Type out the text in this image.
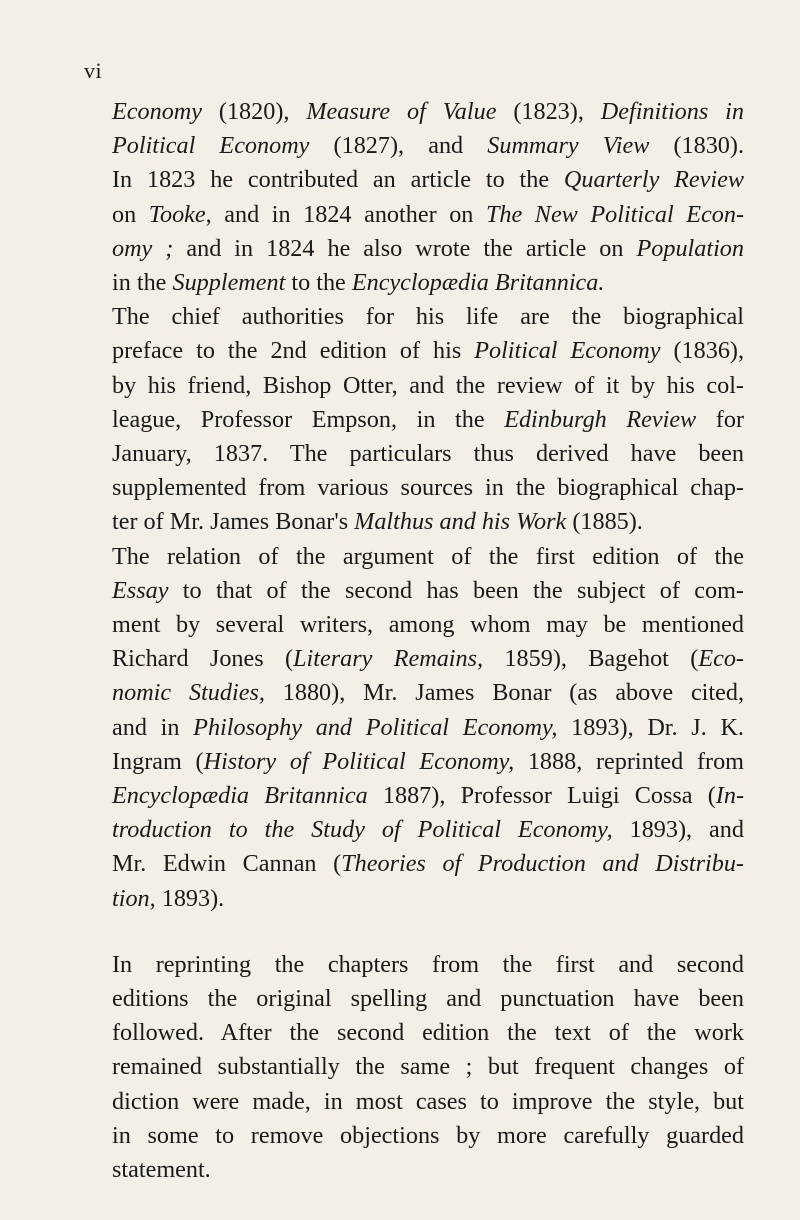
vi
Economy (1820), Measure of Value (1823), Definitions in
Political Economy (1827), and Summary View (1830).
In 1823 he contributed an article to the Quarterly Review
on Tooke, and in 1824 another on The New Political Econ-
omy ; and in 1824 he also wrote the article on Population
in the Supplement to the Encyclopædia Britannica.
The chief authorities for his life are the biographical
preface to the 2nd edition of his Political Economy (1836),
by his friend, Bishop Otter, and the review of it by his col-
league, Professor Empson, in the Edinburgh Review for
January, 1837. The particulars thus derived have been
supplemented from various sources in the biographical chap-
ter of Mr. James Bonar's Malthus and his Work (1885).
The relation of the argument of the first edition of the
Essay to that of the second has been the subject of com-
ment by several writers, among whom may be mentioned
Richard Jones (Literary Remains, 1859), Bagehot (Eco-
nomic Studies, 1880), Mr. James Bonar (as above cited,
and in Philosophy and Political Economy, 1893), Dr. J. K.
Ingram (History of Political Economy, 1888, reprinted from
Encyclopædia Britannica 1887), Professor Luigi Cossa (In-
troduction to the Study of Political Economy, 1893), and
Mr. Edwin Cannan (Theories of Production and Distribu-
tion, 1893).
In reprinting the chapters from the first and second
editions the original spelling and punctuation have been
followed. After the second edition the text of the work
remained substantially the same ; but frequent changes of
diction were made, in most cases to improve the style, but
in some to remove objections by more carefully guarded
statement.
